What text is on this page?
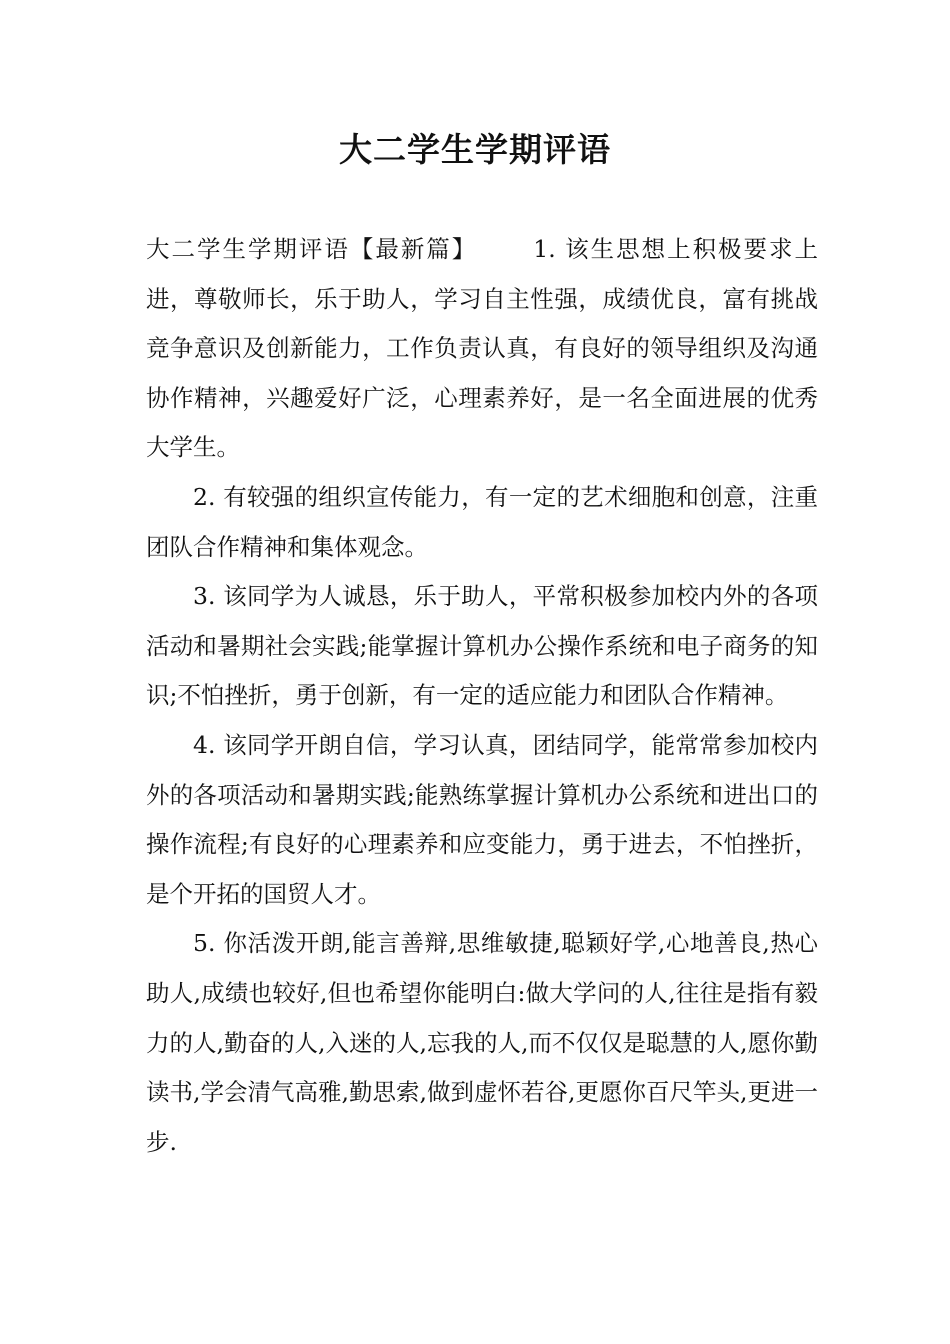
大二学生学期评语

大二学生学期评语【最新篇】 1. 该生思想上积极要求上进，尊敬师长，乐于助人，学习自主性强，成绩优良，富有挑战竞争意识及创新能力，工作负责认真，有良好的领导组织及沟通协作精神，兴趣爱好广泛，心理素养好，是一名全面进展的优秀大学生。

2. 有较强的组织宣传能力，有一定的艺术细胞和创意，注重团队合作精神和集体观念。

3. 该同学为人诚恳，乐于助人，平常积极参加校内外的各项活动和暑期社会实践;能掌握计算机办公操作系统和电子商务的知识;不怕挫折，勇于创新，有一定的适应能力和团队合作精神。

4. 该同学开朗自信，学习认真，团结同学，能常常参加校内外的各项活动和暑期实践;能熟练掌握计算机办公系统和进出口的操作流程;有良好的心理素养和应变能力，勇于进去，不怕挫折，是个开拓的国贸人才。

5. 你活泼开朗,能言善辩,思维敏捷,聪颖好学,心地善良,热心助人,成绩也较好,但也希望你能明白:做大学问的人,往往是指有毅力的人,勤奋的人,入迷的人,忘我的人,而不仅仅是聪慧的人,愿你勤读书,学会清气高雅,勤思索,做到虚怀若谷,更愿你百尺竿头,更进一步.
